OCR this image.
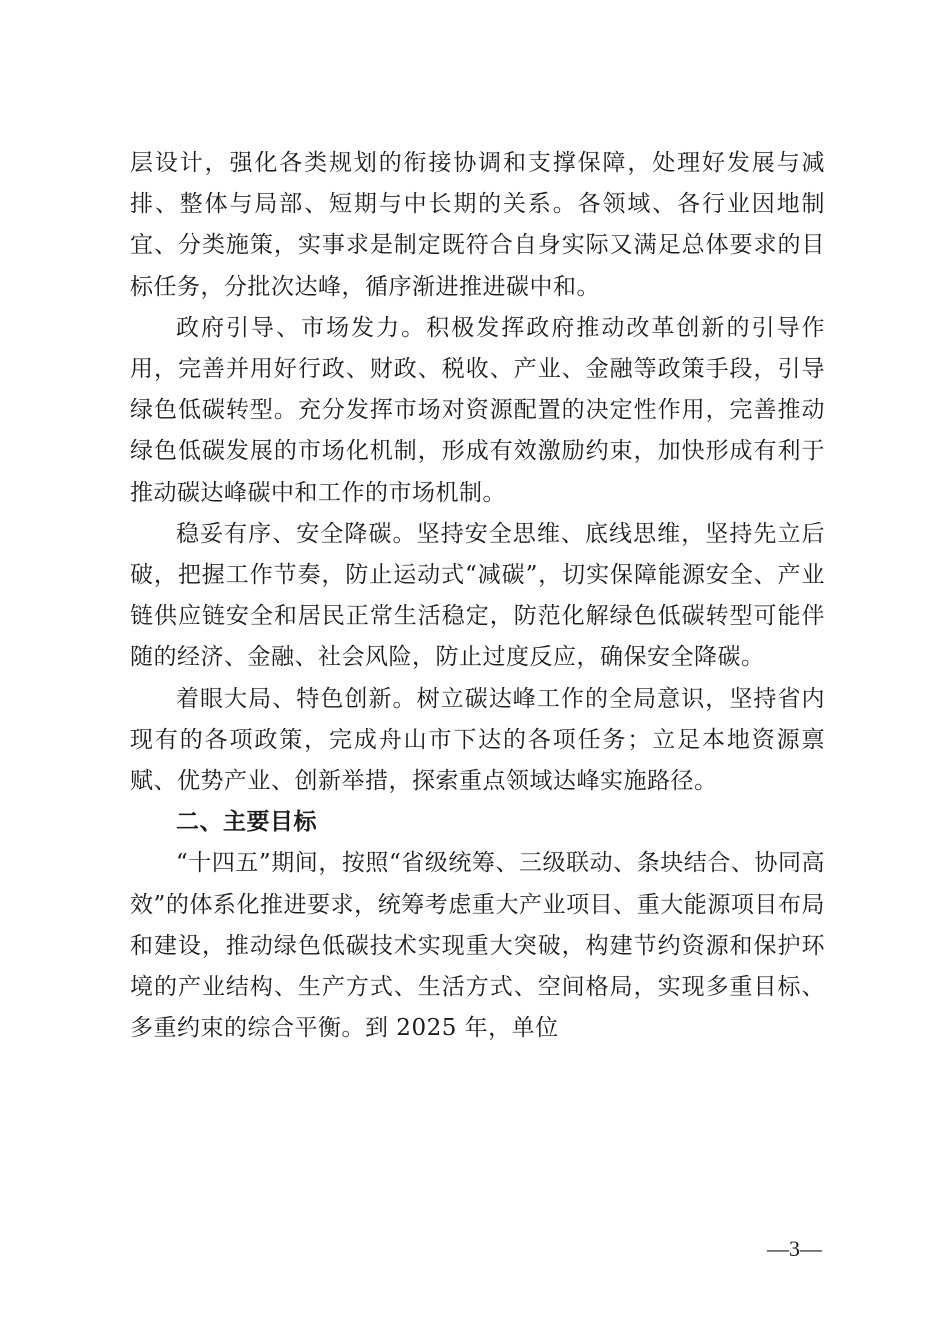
层设计，强化各类规划的衔接协调和支撑保障，处理好发展与减排、整体与局部、短期与中长期的关系。各领域、各行业因地制宜、分类施策，实事求是制定既符合自身实际又满足总体要求的目标任务，分批次达峰，循序渐进推进碳中和。

政府引导、市场发力。积极发挥政府推动改革创新的引导作用，完善并用好行政、财政、税收、产业、金融等政策手段，引导绿色低碳转型。充分发挥市场对资源配置的决定性作用，完善推动绿色低碳发展的市场化机制，形成有效激励约束，加快形成有利于推动碳达峰碳中和工作的市场机制。

稳妥有序、安全降碳。坚持安全思维、底线思维，坚持先立后破，把握工作节奏，防止运动式“减碳”，切实保障能源安全、产业链供应链安全和居民正常生活稳定，防范化解绿色低碳转型可能伴随的经济、金融、社会风险，防止过度反应，确保安全降碳。

着眼大局、特色创新。树立碳达峰工作的全局意识，坚持省内现有的各项政策，完成舟山市下达的各项任务；立足本地资源禀赋、优势产业、创新举措，探索重点领域达峰实施路径。

二、主要目标

“十四五”期间，按照“省级统筹、三级联动、条块结合、协同高效”的体系化推进要求，统筹考虑重大产业项目、重大能源项目布局和建设，推动绿色低碳技术实现重大突破，构建节约资源和保护环境的产业结构、生产方式、生活方式、空间格局，实现多重目标、多重约束的综合平衡。到 2025 年，单位

—3—
